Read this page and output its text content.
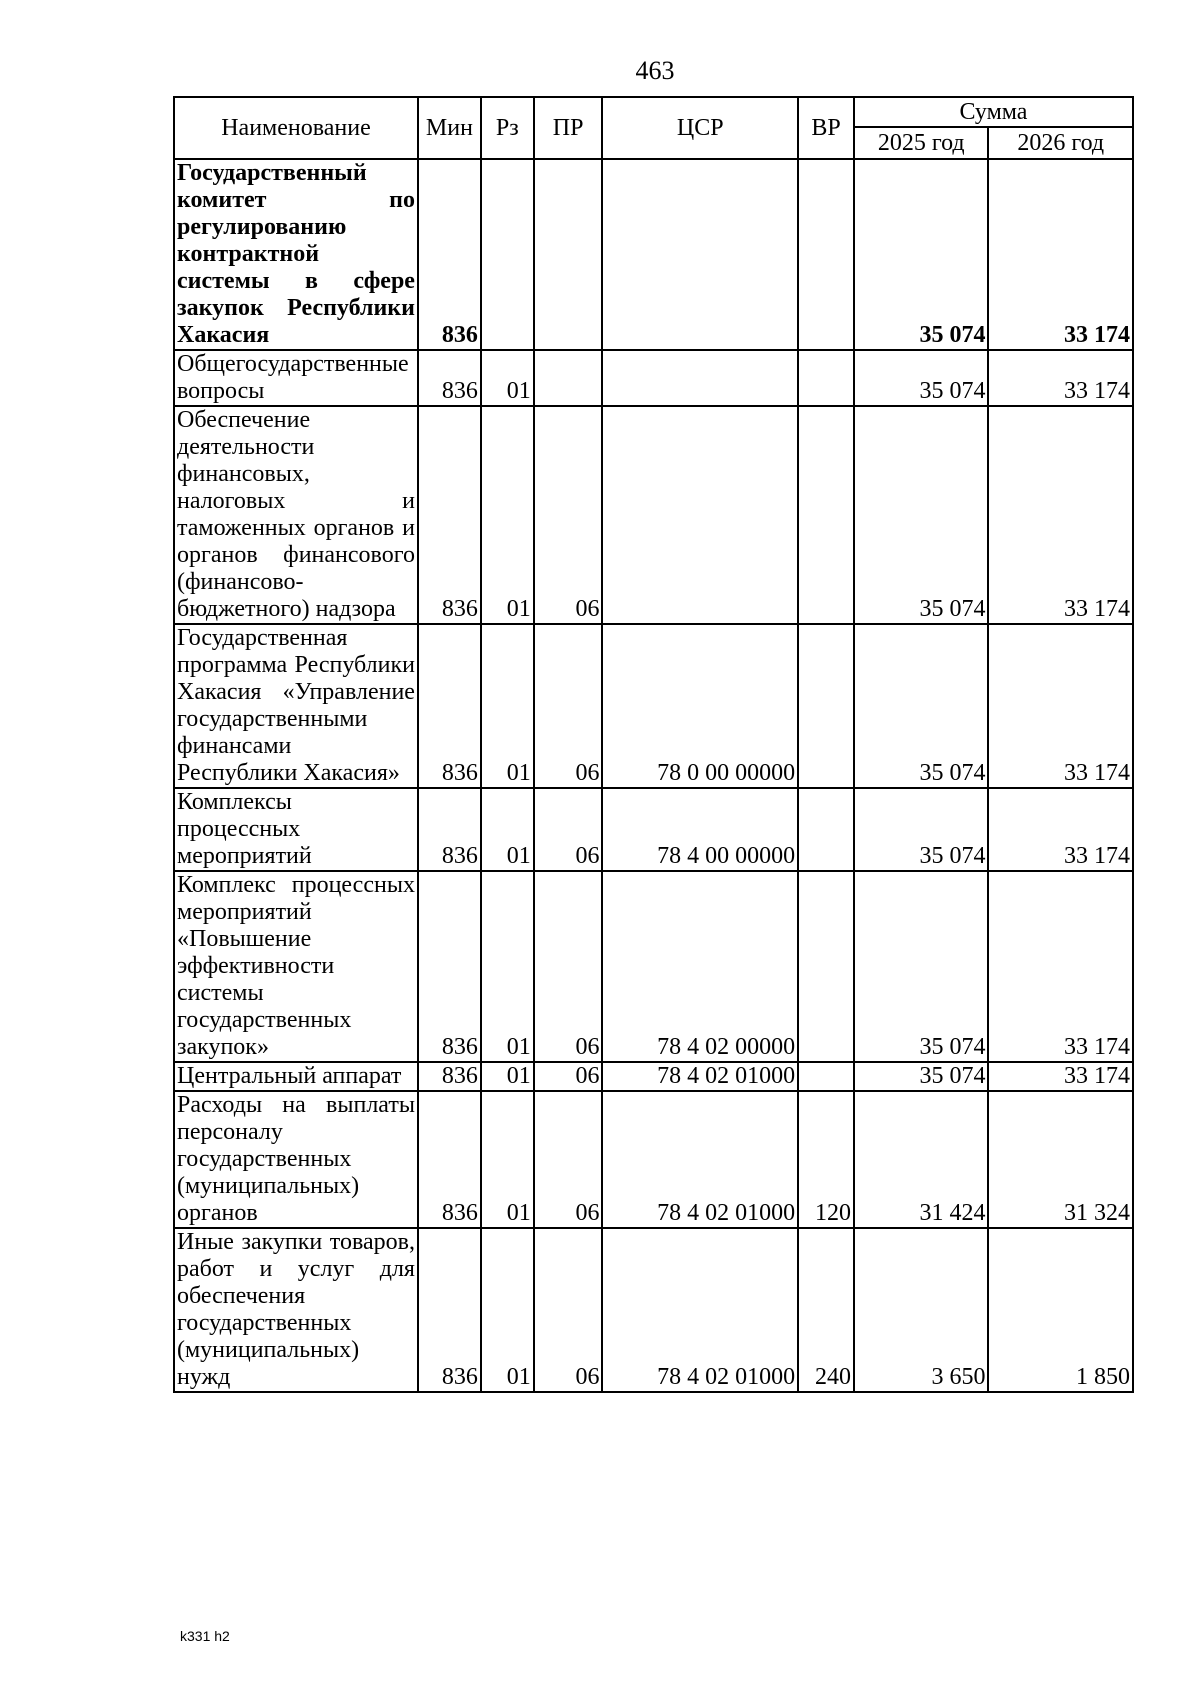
463
Наименование	Мин	Рз	ПР	ЦСР	ВР	Сумма	
						2025 год	2026 год
Государственный комитет по регулированию контрактной системы в сфере закупок Республики Хакасия	836					35 074	33 174
Общегосударственные вопросы	836	01				35 074	33 174
Обеспечение деятельности финансовых, налоговых и таможенных органов и органов финансового (финансово-бюджетного) надзора	836	01	06			35 074	33 174
Государственная программа Республики Хакасия «Управление государственными финансами Республики Хакасия»	836	01	06	78 0 00 00000		35 074	33 174
Комплексы процессных мероприятий	836	01	06	78 4 00 00000		35 074	33 174
Комплекс процессных мероприятий «Повышение эффективности системы государственных закупок»	836	01	06	78 4 02 00000		35 074	33 174
Центральный аппарат	836	01	06	78 4 02 01000		35 074	33 174
Расходы на выплаты персоналу государственных (муниципальных) органов	836	01	06	78 4 02 01000	120	31 424	31 324
Иные закупки товаров, работ и услуг для обеспечения государственных (муниципальных) нужд	836	01	06	78 4 02 01000	240	3 650	1 850
k331 h2
